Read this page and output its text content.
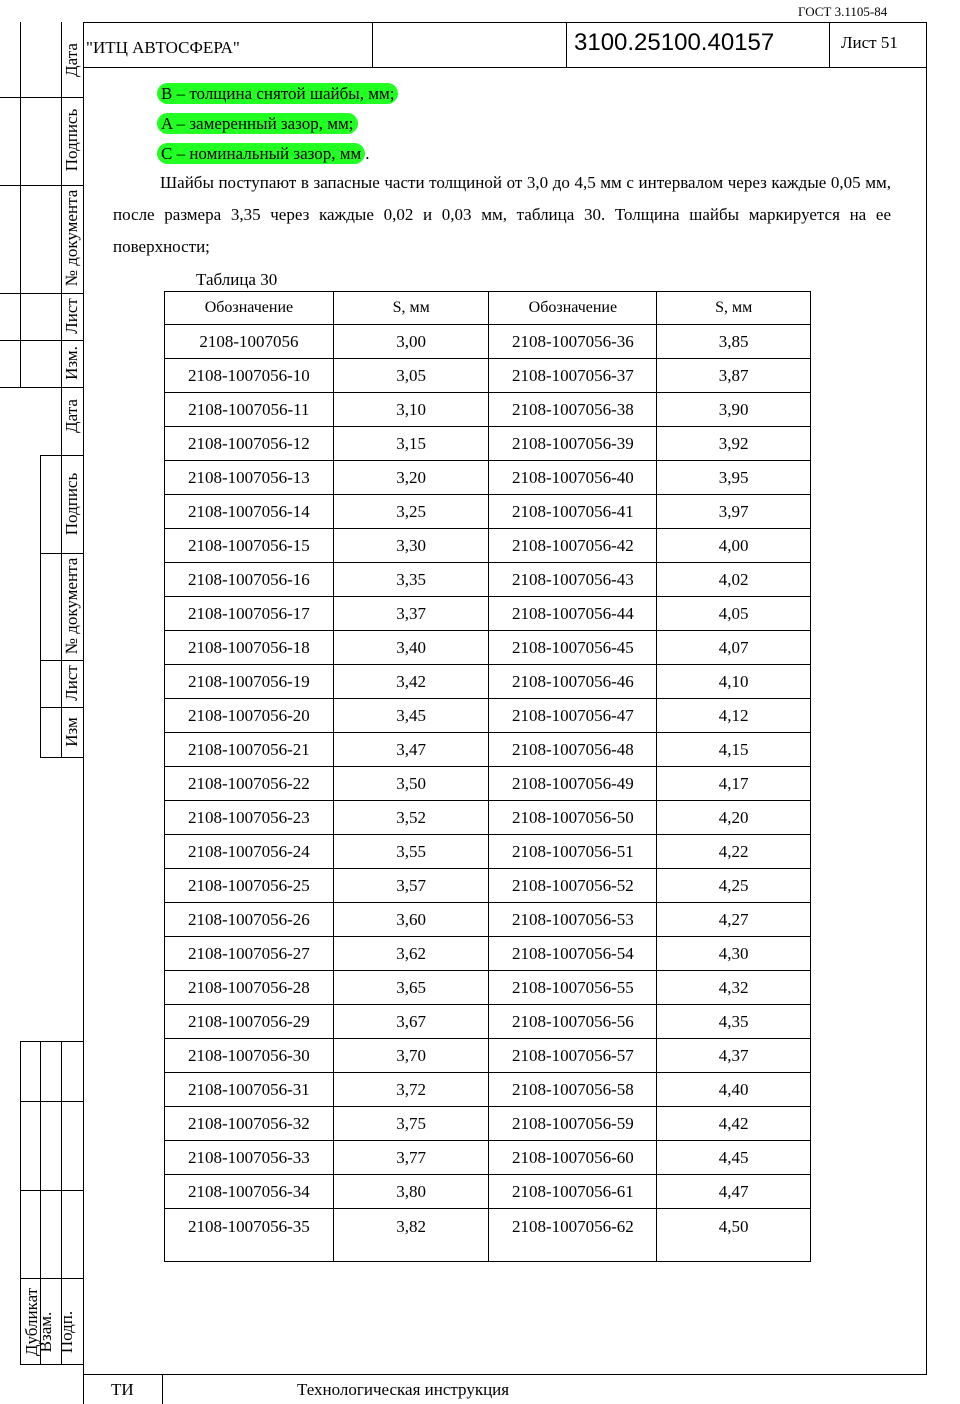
ГОСТ 3.1105-84
"ИТЦ АВТОСФЕРА"	3100.25100.40157	Лист 51
Дата
Подпись
№ документа
Лист
Изм.
Дата
Подпись
№ документа
Лист
Изм
Дубликат
Взам. Подп.
B – толщина снятой шайбы, мм;
A – замеренный зазор, мм;
C – номинальный зазор, мм .
Шайбы поступают в запасные части толщиной от 3,0 до 4,5 мм с интервалом через каждые 0,05 мм, после размера 3,35 через каждые 0,02 и 0,03 мм, таблица 30. Толщина шайбы маркируется на ее поверхности;
Таблица 30
Обозначение	S, мм	Обозначение	S, мм
2108-1007056	3,00	2108-1007056-36	3,85
2108-1007056-10	3,05	2108-1007056-37	3,87
2108-1007056-11	3,10	2108-1007056-38	3,90
2108-1007056-12	3,15	2108-1007056-39	3,92
2108-1007056-13	3,20	2108-1007056-40	3,95
2108-1007056-14	3,25	2108-1007056-41	3,97
2108-1007056-15	3,30	2108-1007056-42	4,00
2108-1007056-16	3,35	2108-1007056-43	4,02
2108-1007056-17	3,37	2108-1007056-44	4,05
2108-1007056-18	3,40	2108-1007056-45	4,07
2108-1007056-19	3,42	2108-1007056-46	4,10
2108-1007056-20	3,45	2108-1007056-47	4,12
2108-1007056-21	3,47	2108-1007056-48	4,15
2108-1007056-22	3,50	2108-1007056-49	4,17
2108-1007056-23	3,52	2108-1007056-50	4,20
2108-1007056-24	3,55	2108-1007056-51	4,22
2108-1007056-25	3,57	2108-1007056-52	4,25
2108-1007056-26	3,60	2108-1007056-53	4,27
2108-1007056-27	3,62	2108-1007056-54	4,30
2108-1007056-28	3,65	2108-1007056-55	4,32
2108-1007056-29	3,67	2108-1007056-56	4,35
2108-1007056-30	3,70	2108-1007056-57	4,37
2108-1007056-31	3,72	2108-1007056-58	4,40
2108-1007056-32	3,75	2108-1007056-59	4,42
2108-1007056-33	3,77	2108-1007056-60	4,45
2108-1007056-34	3,80	2108-1007056-61	4,47
2108-1007056-35	3,82	2108-1007056-62	4,50
ТИ	Технологическая инструкция
